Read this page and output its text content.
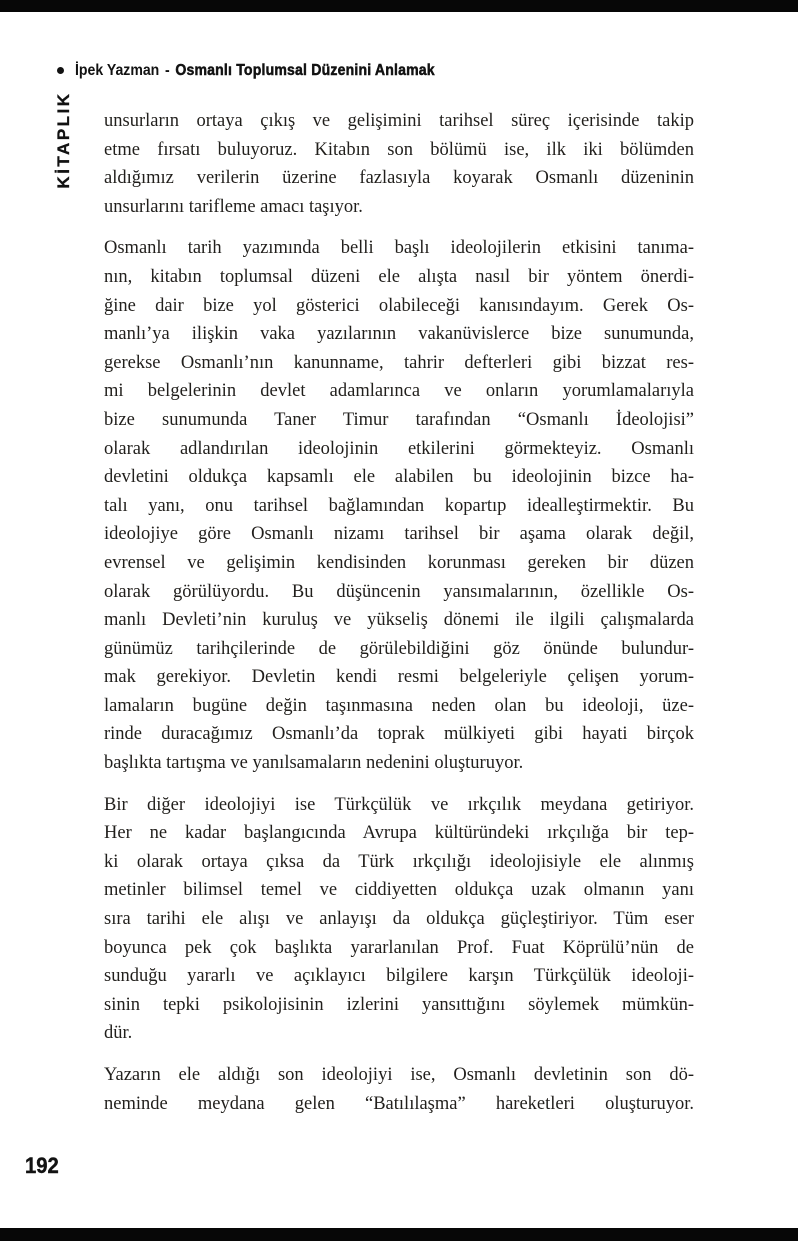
İpek Yazman - Osmanlı Toplumsal Düzenini Anlamak
KİTAPLIK unsurların ortaya çıkış ve gelişimini tarihsel süreç içerisinde takip
etme fırsatı buluyoruz. Kitabın son bölümü ise, ilk iki bölümden
aldığımız verilerin üzerine fazlasıyla koyarak Osmanlı düzeninin
unsurlarını tarifleme amacı taşıyor.
Osmanlı tarih yazımında belli başlı ideolojilerin etkisini tanıma-
nın, kitabın toplumsal düzeni ele alışta nasıl bir yöntem önerdi-
ğine dair bize yol gösterici olabileceği kanısındayım. Gerek Os-
manlı’ya ilişkin vaka yazılarının vakanüvislerce bize sunumunda,
gerekse Osmanlı’nın kanunname, tahrir defterleri gibi bizzat res-
mi belgelerinin devlet adamlarınca ve onların yorumlamalarıyla
bize sunumunda Taner Timur tarafından “Osmanlı İdeolojisi”
olarak adlandırılan ideolojinin etkilerini görmekteyiz. Osmanlı
devletini oldukça kapsamlı ele alabilen bu ideolojinin bizce ha-
talı yanı, onu tarihsel bağlamından kopartıp idealleştirmektir. Bu
ideolojiye göre Osmanlı nizamı tarihsel bir aşama olarak değil,
evrensel ve gelişimin kendisinden korunması gereken bir düzen
olarak görülüyordu. Bu düşüncenin yansımalarının, özellikle Os-
manlı Devleti’nin kuruluş ve yükseliş dönemi ile ilgili çalışmalarda
günümüz tarihçilerinde de görülebildiğini göz önünde bulundur-
mak gerekiyor. Devletin kendi resmi belgeleriyle çelişen yorum-
lamaların bugüne değin taşınmasına neden olan bu ideoloji, üze-
rinde duracağımız Osmanlı’da toprak mülkiyeti gibi hayati birçok
başlıkta tartışma ve yanılsamaların nedenini oluşturuyor.
Bir diğer ideolojiyi ise Türkçülük ve ırkçılık meydana getiriyor.
Her ne kadar başlangıcında Avrupa kültüründeki ırkçılığa bir tep-
ki olarak ortaya çıksa da Türk ırkçılığı ideolojisiyle ele alınmış
metinler bilimsel temel ve ciddiyetten oldukça uzak olmanın yanı
sıra tarihi ele alışı ve anlayışı da oldukça güçleştiriyor. Tüm eser
boyunca pek çok başlıkta yararlanılan Prof. Fuat Köprülü’nün de
sunduğu yararlı ve açıklayıcı bilgilere karşın Türkçülük ideoloji-
sinin tepki psikolojisinin izlerini yansıttığını söylemek mümkün-
dür.
Yazarın ele aldığı son ideolojiyi ise, Osmanlı devletinin son dö-
neminde meydana gelen “Batılılaşma” hareketleri oluşturuyor.
192
